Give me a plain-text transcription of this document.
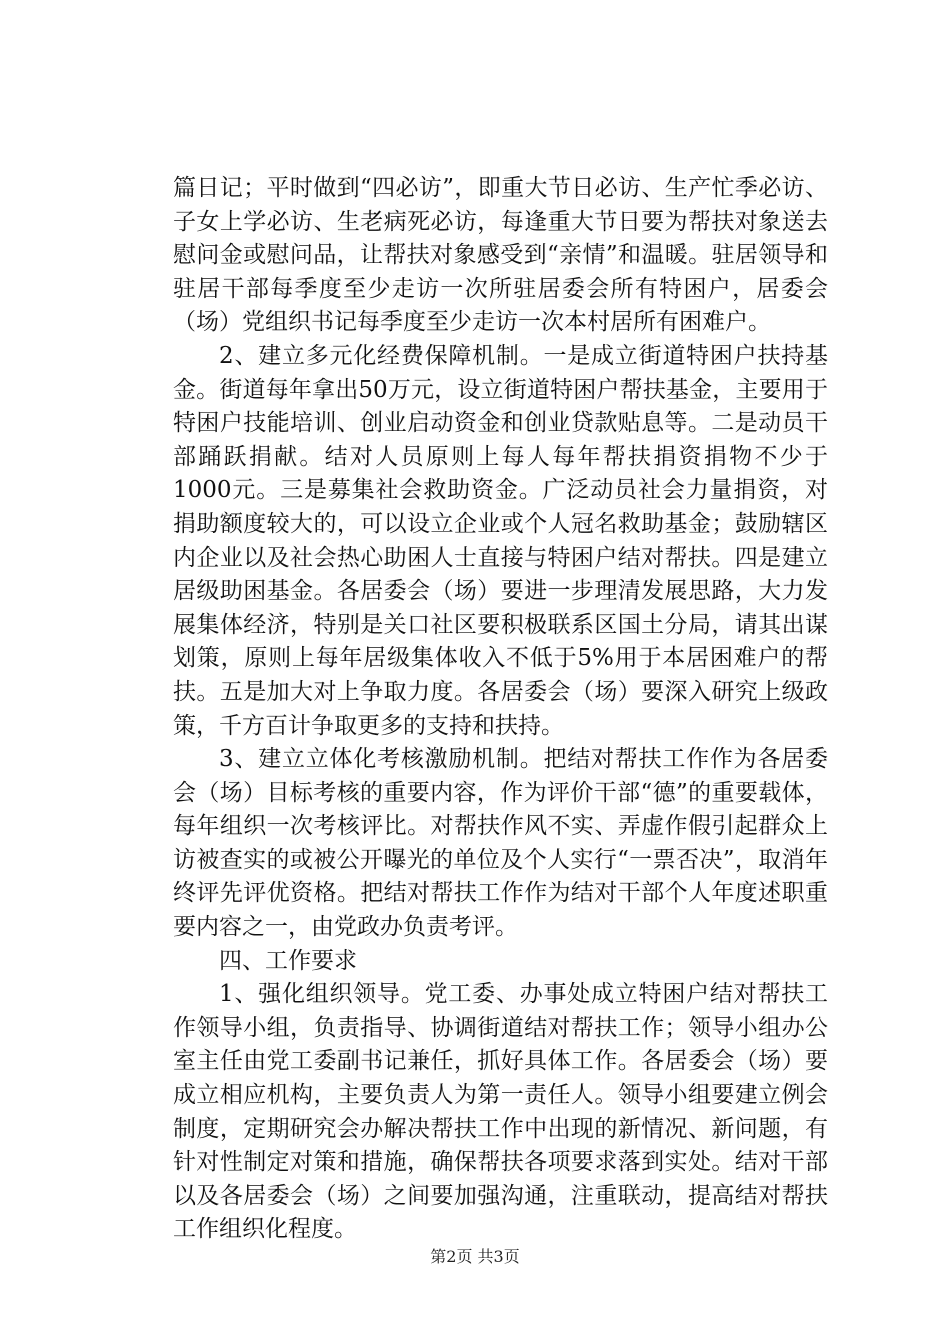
篇日记；平时做到“四必访”，即重大节日必访、生产忙季必访、子女上学必访、生老病死必访，每逢重大节日要为帮扶对象送去慰问金或慰问品，让帮扶对象感受到“亲情”和温暖。驻居领导和驻居干部每季度至少走访一次所驻居委会所有特困户，居委会（场）党组织书记每季度至少走访一次本村居所有困难户。

2、建立多元化经费保障机制。一是成立街道特困户扶持基金。街道每年拿出50万元，设立街道特困户帮扶基金，主要用于特困户技能培训、创业启动资金和创业贷款贴息等。二是动员干部踊跃捐献。结对人员原则上每人每年帮扶捐资捐物不少于1000元。三是募集社会救助资金。广泛动员社会力量捐资，对捐助额度较大的，可以设立企业或个人冠名救助基金；鼓励辖区内企业以及社会热心助困人士直接与特困户结对帮扶。四是建立居级助困基金。各居委会（场）要进一步理清发展思路，大力发展集体经济，特别是关口社区要积极联系区国土分局，请其出谋划策，原则上每年居级集体收入不低于5%用于本居困难户的帮扶。五是加大对上争取力度。各居委会（场）要深入研究上级政策，千方百计争取更多的支持和扶持。

3、建立立体化考核激励机制。把结对帮扶工作作为各居委会（场）目标考核的重要内容，作为评价干部“德”的重要载体，每年组织一次考核评比。对帮扶作风不实、弄虚作假引起群众上访被查实的或被公开曝光的单位及个人实行“一票否决”，取消年终评先评优资格。把结对帮扶工作作为结对干部个人年度述职重要内容之一，由党政办负责考评。

四、工作要求

1、强化组织领导。党工委、办事处成立特困户结对帮扶工作领导小组，负责指导、协调街道结对帮扶工作；领导小组办公室主任由党工委副书记兼任，抓好具体工作。各居委会（场）要成立相应机构，主要负责人为第一责任人。领导小组要建立例会制度，定期研究会办解决帮扶工作中出现的新情况、新问题，有针对性制定对策和措施，确保帮扶各项要求落到实处。结对干部以及各居委会（场）之间要加强沟通，注重联动，提高结对帮扶工作组织化程度。

第2页 共3页
